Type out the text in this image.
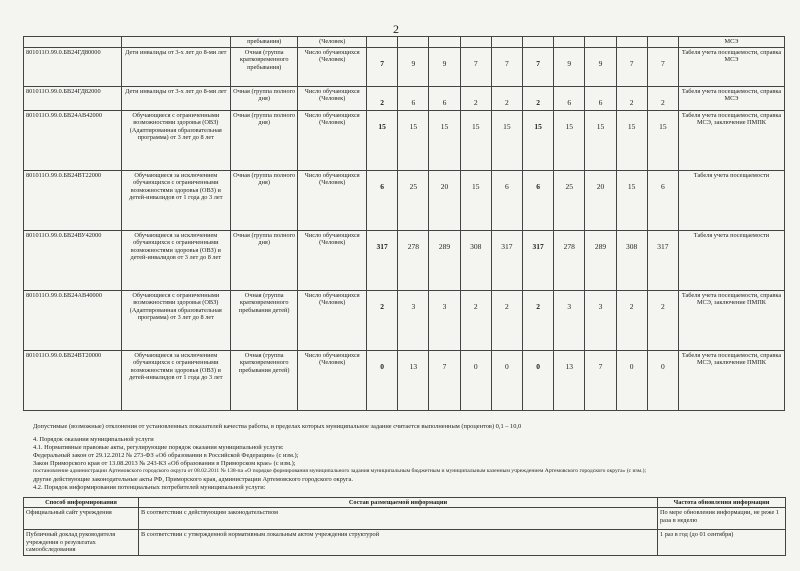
2
		пребывания)	(Человек)											МСЭ
801011О.99.0.БВ24ГД80000	Дети инвалиды от 3-х лет до 8-ми лет	Очная (группа кратковременного пребывания)	Число обучающихся (Человек)	7	9	9	7	7	7	9	9	7	7	Табеля учета посещаемости, справка МСЭ
801011О.99.0.БВ24ГД82000	Дети инвалиды от 3-х лет до 8-ми лет	Очная (группа полного дня)	Число обучающихся (Человек)	2	6	6	2	2	2	6	6	2	2	Табеля учета посещаемости, справка МСЭ
801011О.99.0.БВ24АВ42000	Обучающиеся с ограниченными возможностями здоровья (ОВЗ) (Адаптированная образовательная программа) от 3 лет до 8 лет	Очная (группа полного дня)	Число обучающихся (Человек)	15	15	15	15	15	15	15	15	15	15	Табеля учета посещаемости, справка МСЭ, заключение ПМПК
801011О.99.0.БВ24ВТ22000	Обучающиеся за исключением обучающихся с ограниченными возможностями здоровья (ОВЗ) и детей-инвалидов от 1 года до 3 лет	Очная (группа полного дня)	Число обучающихся (Человек)	6	25	20	15	6	6	25	20	15	6	Табеля учета посещаемости
801011О.99.0.БВ24ВУ42000	Обучающиеся за исключением обучающихся с ограниченными возможностями здоровья (ОВЗ) и детей-инвалидов от 3 лет до 8 лет	Очная (группа полного дня)	Число обучающихся (Человек)	317	278	289	308	317	317	278	289	308	317	Табеля учета посещаемости
801011О.99.0.БВ24АВ40000	Обучающиеся с ограниченными возможностями здоровья (ОВЗ) (Адаптированная образовательная программа) от 3 лет до 8 лет	Очная (группа кратковременного пребывания детей)	Число обучающихся (Человек)	2	3	3	2	2	2	3	3	2	2	Табеля учета посещаемости, справка МСЭ, заключение ПМПК
801011О.99.0.БВ24ВТ20000	Обучающиеся за исключением обучающихся с ограниченными возможностями здоровья (ОВЗ) и детей-инвалидов от 1 года до 3 лет	Очная (группа кратковременного пребывания детей)	Число обучающихся (Человек)	0	13	7	0	0	0	13	7	0	0	Табеля учета посещаемости, справка МСЭ, заключение ПМПК
Допустимые (возможные) отклонения от установленных показателей качества работы, в пределах которых муниципальное задание считается выполненным (процентов) 0,1 – 10,0
4. Порядок оказания муниципальной услуги
4.1. Нормативные правовые акты, регулирующие порядок оказания муниципальной услуги:
Федеральный закон от 29.12.2012 № 273-ФЗ «Об образовании в Российской Федерации» (с изм.);
Закон Приморского края от 13.08.2013 № 243-КЗ «Об образовании в Приморском крае» (с изм.);
постановление администрации Артемовского городского округа от 08.02.2011 № 138-па «О порядке формирования муниципального задания муниципальным бюджетным и муниципальным казенным учреждением Артемовского городского округа» (с изм.);
другие действующие законодательные акты РФ, Приморского края, администрации Артемовского городского округа.
4.2. Порядок информирования потенциальных потребителей муниципальной услуги:
Способ информирования	Состав размещаемой информации	Частота обновления информации
Официальный сайт учреждения	В соответствии с действующим законодательством	По мере обновления информации, не реже 1 раза в неделю
Публичный доклад руководителя учреждения о результатах самообследования	В соответствии с утвержденной нормативным локальным актом учреждения структурой	1 раз в год (до 01 сентября)
